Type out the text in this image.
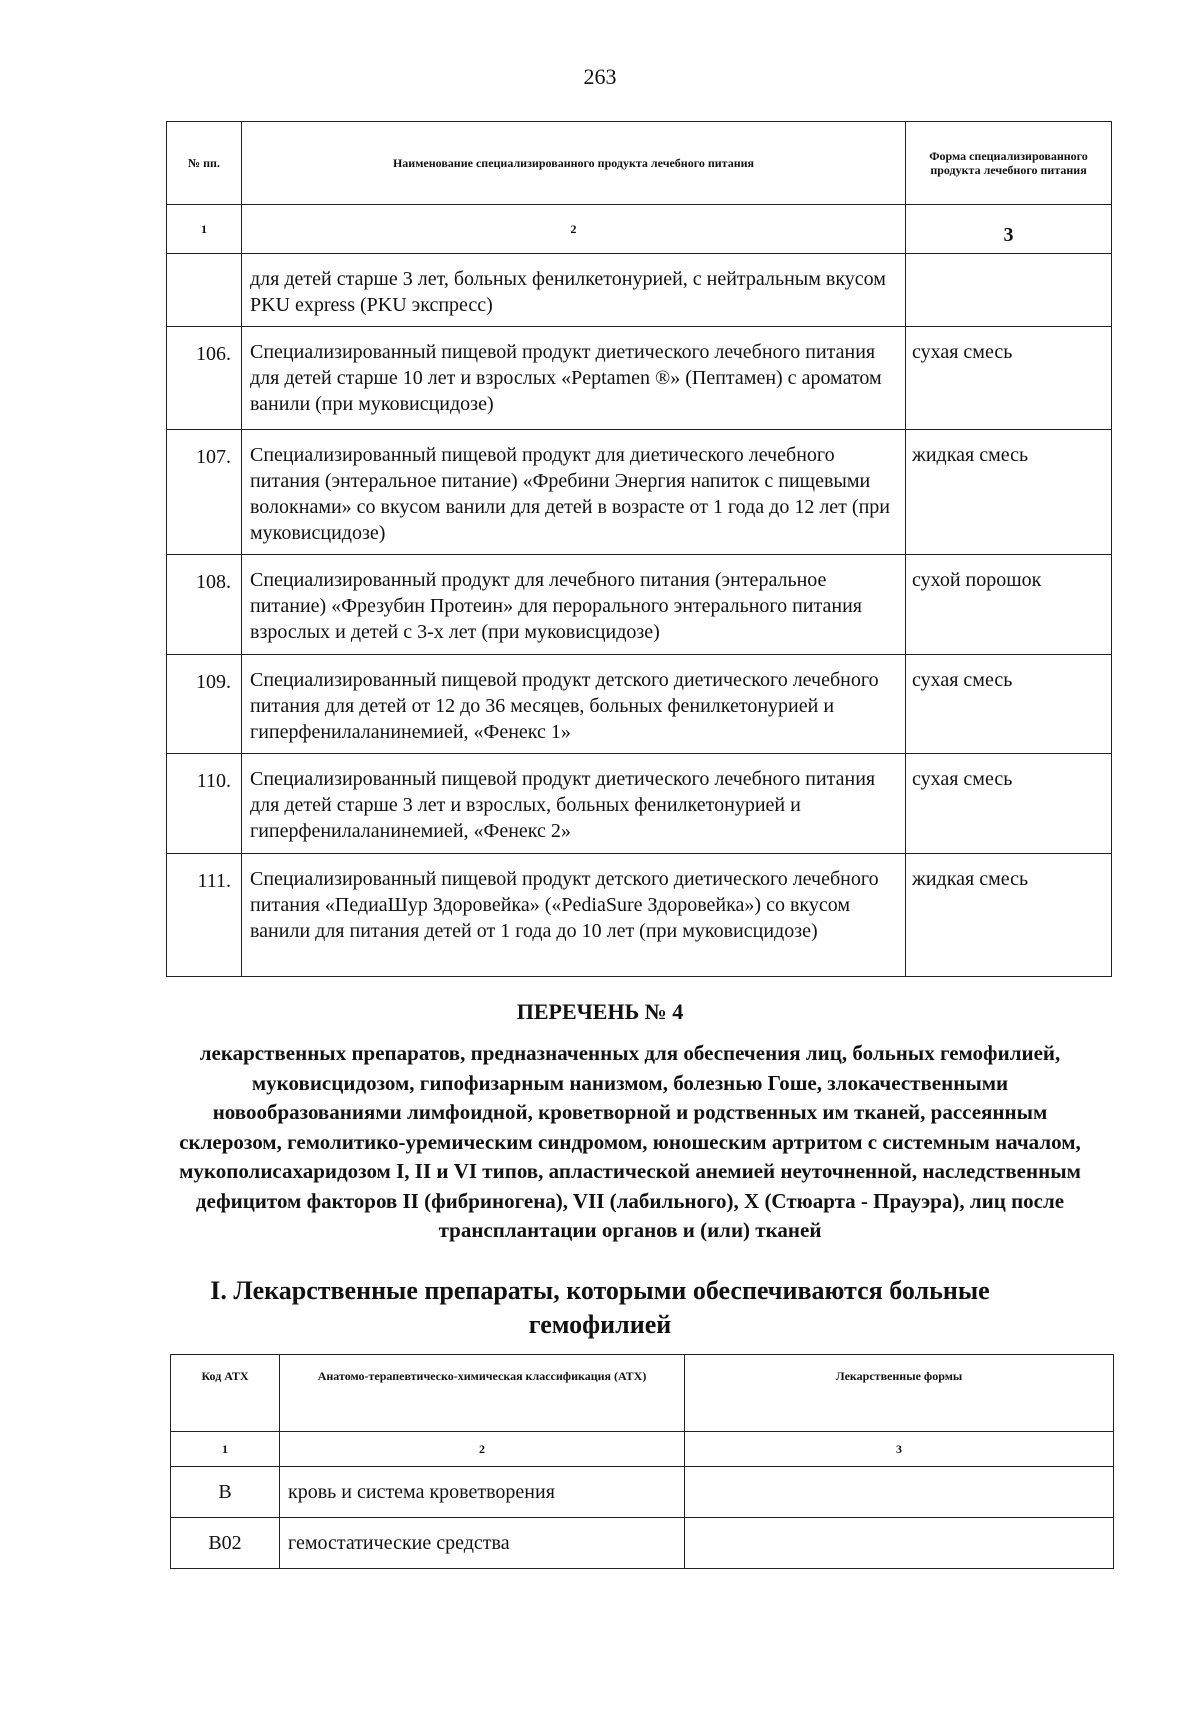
263
№ пп.	Наименование специализированного продукта лечебного питания	Форма специализированного продукта лечебного питания
1	2	3
	для детей старше 3 лет, больных фенилкетонурией, с нейтральным вкусом PKU express (PKU экспресс)	
106.	Специализированный пищевой продукт диетического лечебного питания для детей старше 10 лет и взрослых «Peptamen ®» (Пептамен) с ароматом ванили (при муковисцидозе)	сухая смесь
107.	Специализированный пищевой продукт для диетического лечебного питания (энтеральное питание) «Фребини Энергия напиток с пищевыми волокнами» со вкусом ванили для детей в возрасте от 1 года до 12 лет (при муковисцидозе)	жидкая смесь
108.	Специализированный продукт для лечебного питания (энтеральное питание) «Фрезубин Протеин» для перорального энтерального питания взрослых и детей с 3-х лет (при муковисцидозе)	сухой порошок
109.	Специализированный пищевой продукт детского диетического лечебного питания для детей от 12 до 36 месяцев, больных фенилкетонурией и гиперфенилаланинемией, «Фенекс 1»	сухая смесь
110.	Специализированный пищевой продукт диетического лечебного питания для детей старше 3 лет и взрослых, больных фенилкетонурией и гиперфенилаланинемией, «Фенекс 2»	сухая смесь
111.	Специализированный пищевой продукт детского диетического лечебного питания «ПедиаШур Здоровейка» («PediaSure Здоровейка») со вкусом ванили для питания детей от 1 года до 10 лет (при муковисцидозе)	жидкая смесь
ПЕРЕЧЕНЬ № 4
лекарственных препаратов, предназначенных для обеспечения лиц, больных гемофилией, муковисцидозом, гипофизарным нанизмом, болезнью Гоше, злокачественными новообразованиями лимфоидной, кроветворной и родственных им тканей, рассеянным склерозом, гемолитико-уремическим синдромом, юношеским артритом с системным началом, мукополисахаридозом I, II и VI типов, апластической анемией неуточненной, наследственным дефицитом факторов II (фибриногена), VII (лабильного), X (Стюарта - Прауэра), лиц после трансплантации органов и (или) тканей
I. Лекарственные препараты, которыми обеспечиваются больные гемофилией
Код АТХ	Анатомо-терапевтическо-химическая классификация (АТХ)	Лекарственные формы
1	2	3
B	кровь и система кроветворения	
B02	гемостатические средства	
